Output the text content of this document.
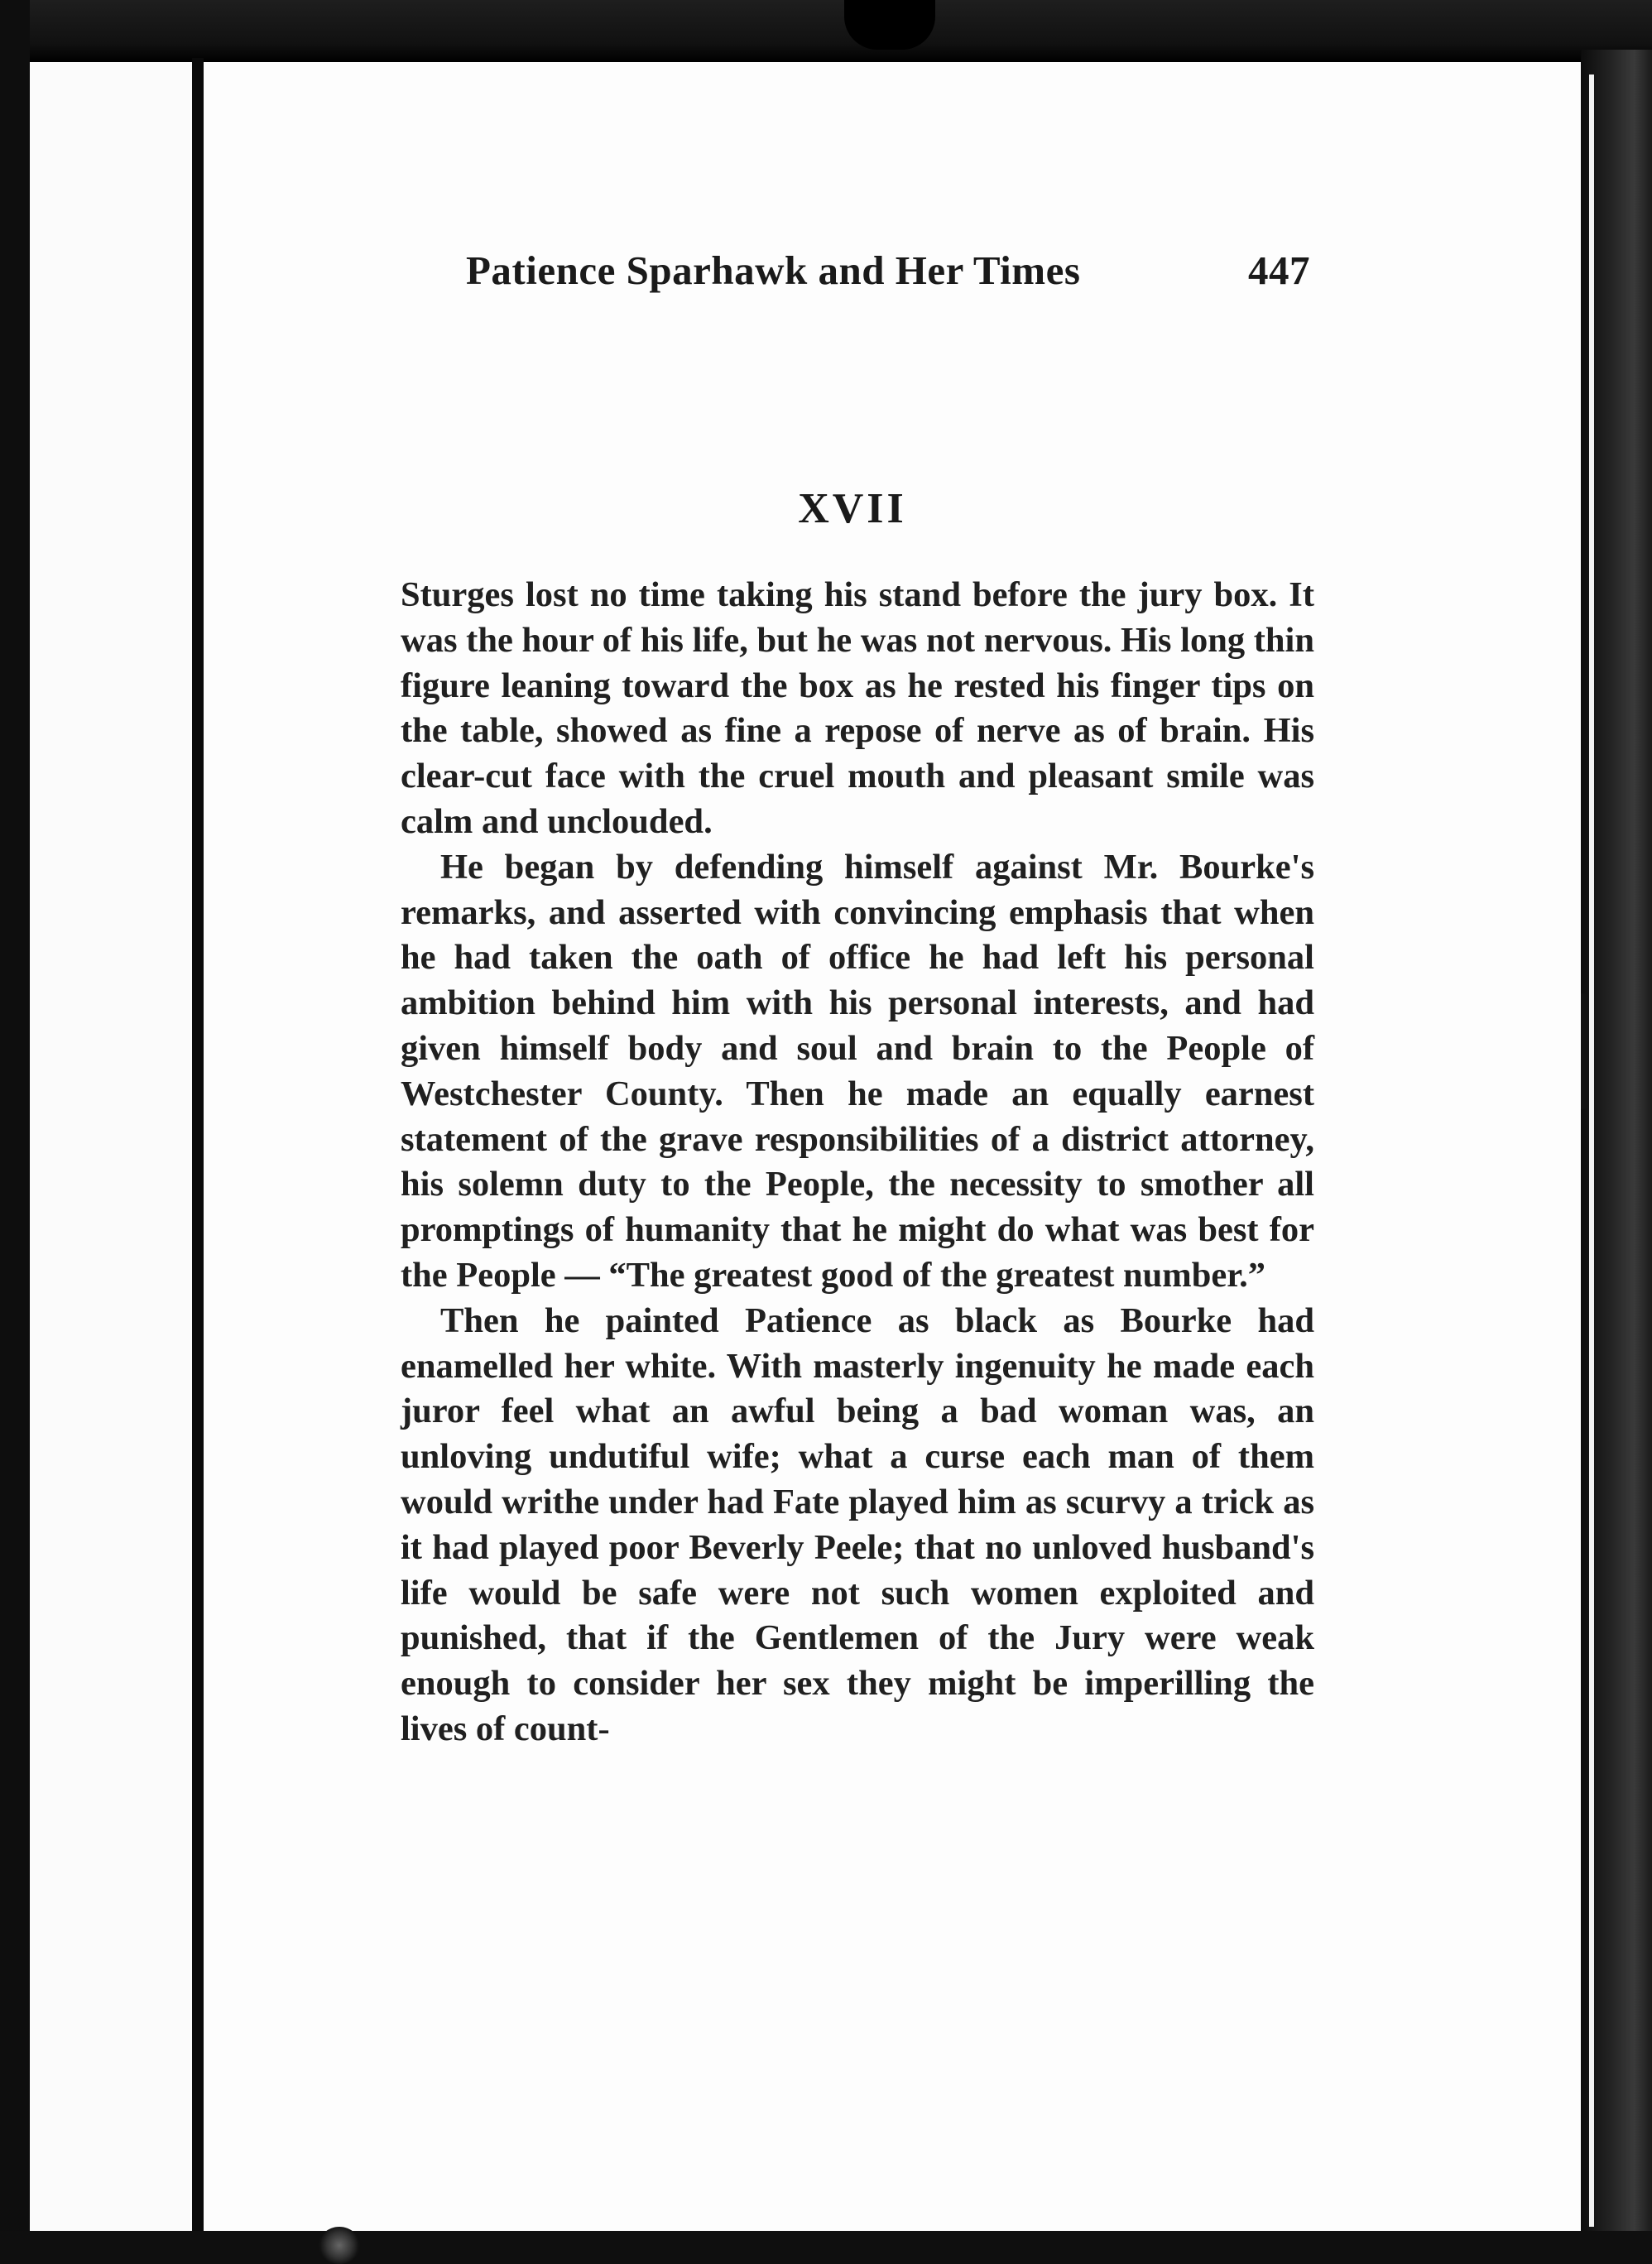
Patience Sparhawk and Her Times	447
XVII

Sturges lost no time taking his stand before the jury box. It was the hour of his life, but he was not nervous. His long thin figure leaning toward the box as he rested his finger tips on the table, showed as fine a repose of nerve as of brain. His clear-cut face with the cruel mouth and pleasant smile was calm and unclouded.

He began by defending himself against Mr. Bourke's remarks, and asserted with convincing emphasis that when he had taken the oath of office he had left his personal ambition behind him with his personal interests, and had given himself body and soul and brain to the People of Westchester County. Then he made an equally earnest statement of the grave responsibilities of a district attorney, his solemn duty to the People, the necessity to smother all promptings of humanity that he might do what was best for the People — “The greatest good of the greatest number.”

Then he painted Patience as black as Bourke had enamelled her white. With masterly ingenuity he made each juror feel what an awful being a bad woman was, an unloving undutiful wife; what a curse each man of them would writhe under had Fate played him as scurvy a trick as it had played poor Beverly Peele; that no unloved husband's life would be safe were not such women exploited and punished, that if the Gentlemen of the Jury were weak enough to consider her sex they might be imperilling the lives of count-
